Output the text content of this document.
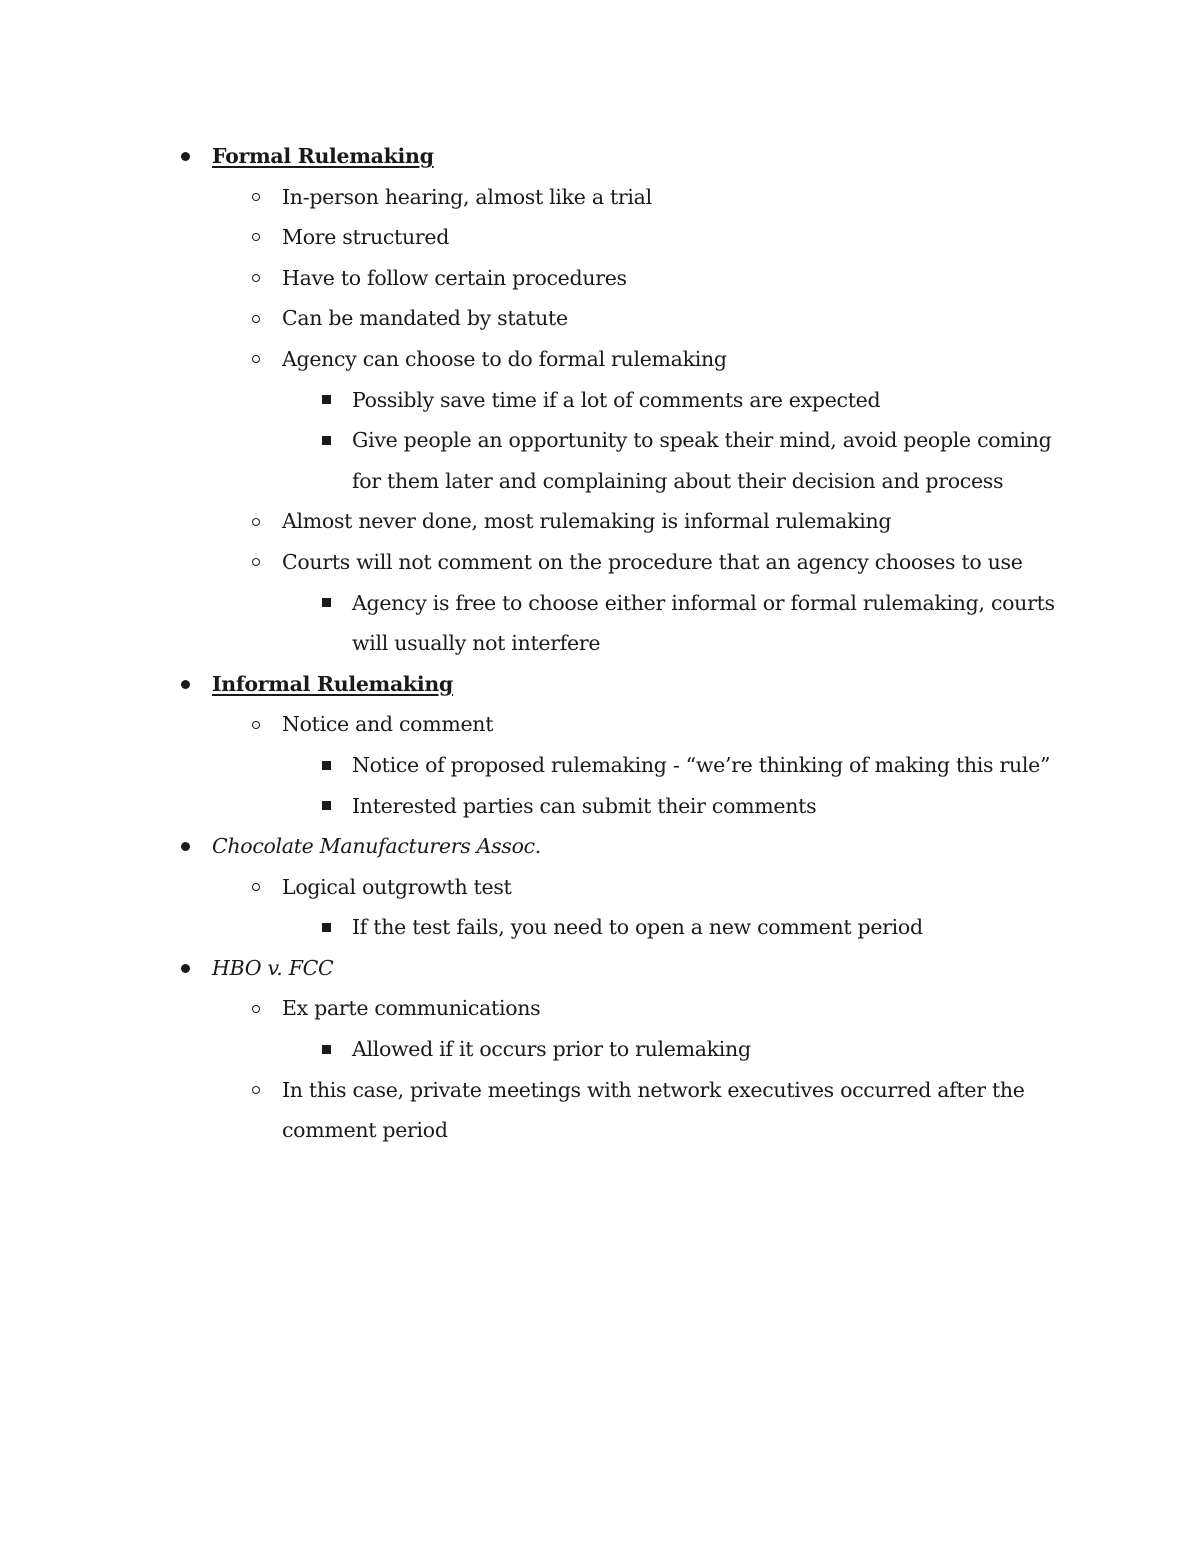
Formal Rulemaking
In-person hearing, almost like a trial
More structured
Have to follow certain procedures
Can be mandated by statute
Agency can choose to do formal rulemaking
Possibly save time if a lot of comments are expected
Give people an opportunity to speak their mind, avoid people coming for them later and complaining about their decision and process
Almost never done, most rulemaking is informal rulemaking
Courts will not comment on the procedure that an agency chooses to use
Agency is free to choose either informal or formal rulemaking, courts will usually not interfere
Informal Rulemaking
Notice and comment
Notice of proposed rulemaking - “we’re thinking of making this rule”
Interested parties can submit their comments
Chocolate Manufacturers Assoc.
Logical outgrowth test
If the test fails, you need to open a new comment period
HBO v. FCC
Ex parte communications
Allowed if it occurs prior to rulemaking
In this case, private meetings with network executives occurred after the comment period
